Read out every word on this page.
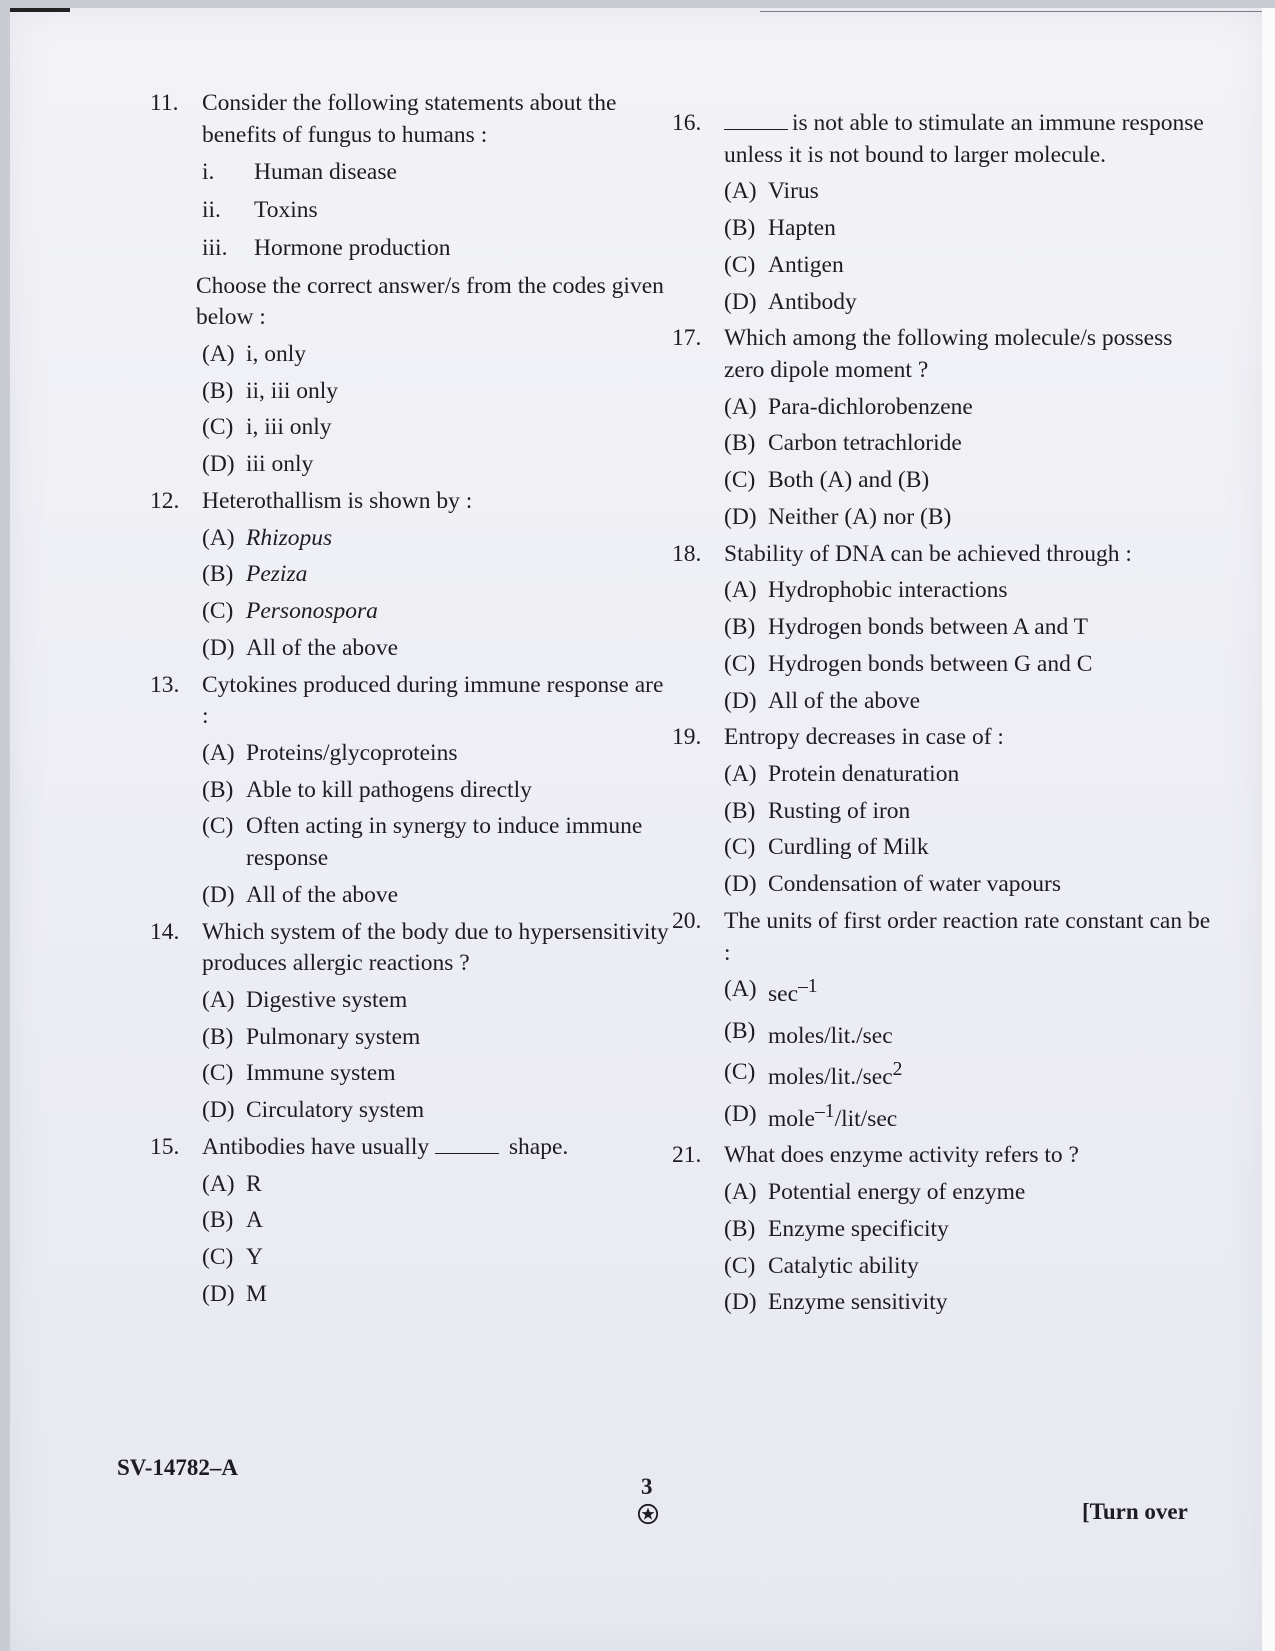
11. Consider the following statements about the benefits of fungus to humans :
i.	Human disease
ii.	Toxins
iii.	Hormone production
Choose the correct answer/s from the codes given below :
(A) i, only
(B) ii, iii only
(C) i, iii only
(D) iii only
12. Heterothallism is shown by :
(A) Rhizopus
(B) Peziza
(C) Personospora
(D) All of the above
13. Cytokines produced during immune response are :
(A) Proteins/glycoproteins
(B) Able to kill pathogens directly
(C) Often acting in synergy to induce immune response
(D) All of the above
14. Which system of the body due to hypersensitivity produces allergic reactions ?
(A) Digestive system
(B) Pulmonary system
(C) Immune system
(D) Circulatory system
15. Antibodies have usually	shape.
(A) R
(B) A
(C) Y
(D) M
16.	is not able to stimulate an immune response unless it is not bound to larger molecule.
(A) Virus
(B) Hapten
(C) Antigen
(D) Antibody
17. Which among the following molecule/s possess zero dipole moment ?
(A) Para-dichlorobenzene
(B) Carbon tetrachloride
(C) Both (A) and (B)
(D) Neither (A) nor (B)
18. Stability of DNA can be achieved through :
(A) Hydrophobic interactions
(B) Hydrogen bonds between A and T
(C) Hydrogen bonds between G and C
(D) All of the above
19. Entropy decreases in case of :
(A) Protein denaturation
(B) Rusting of iron
(C) Curdling of Milk
(D) Condensation of water vapours
20. The units of first order reaction rate constant can be :
(A) $\sec^{-1}$
(B) moles/lit./sec
(C) moles/$lit./\sec^2$
(D) mole$^{-1}$/lit/sec
21. What does enzyme activity refers to ?
(A) Potential energy of enzyme
(B) Enzyme specificity
(C) Catalytic ability
(D) Enzyme sensitivity
SV-14782–A
3
[Turn over
